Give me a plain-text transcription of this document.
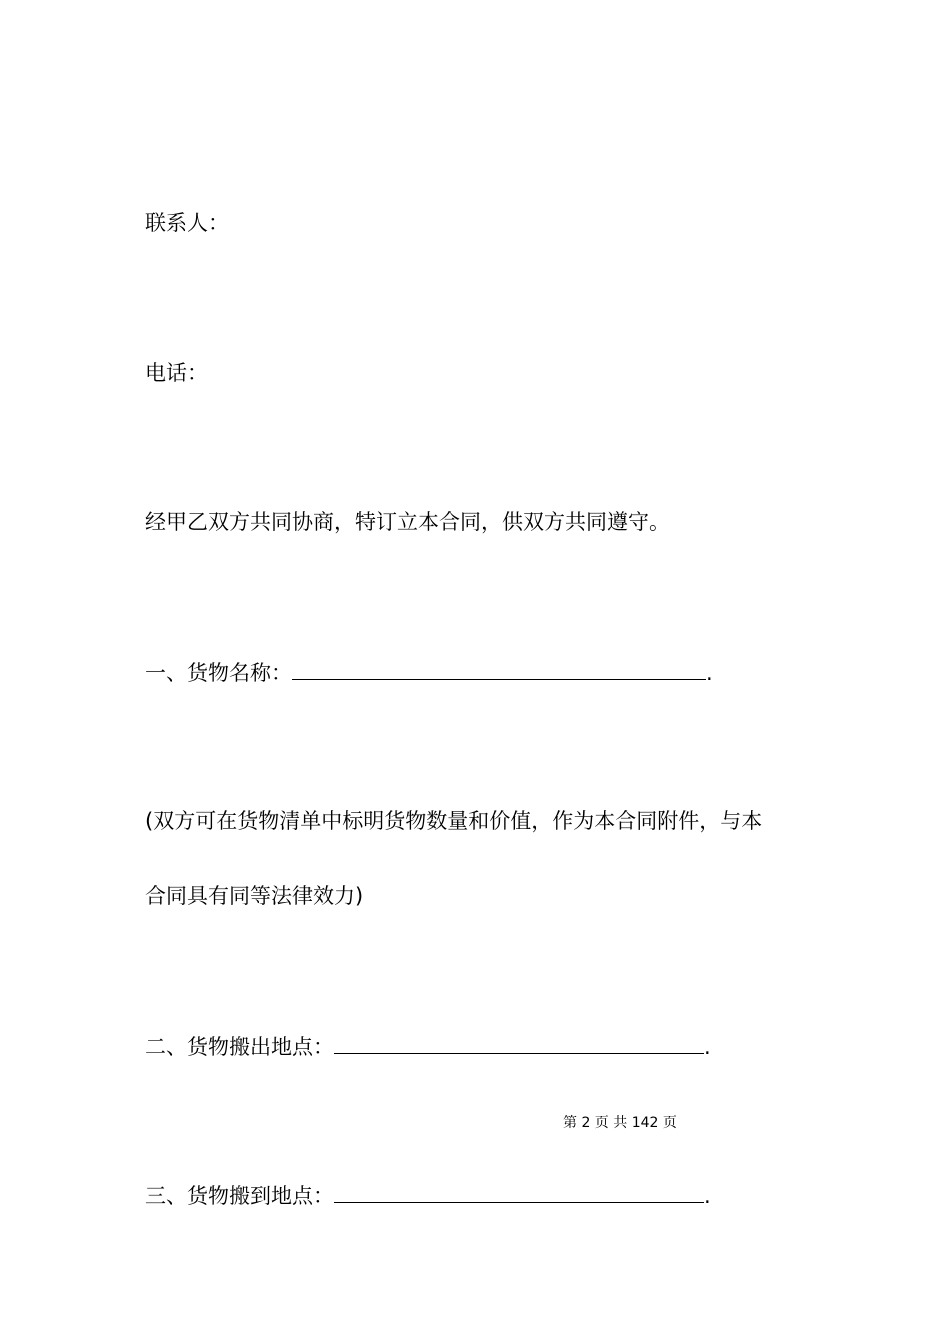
联系人：

电话：

经甲乙双方共同协商，特订立本合同，供双方共同遵守。

一、货物名称：	.

(双方可在货物清单中标明货物数量和价值，作为本合同附件，与本

合同具有同等法律效力)

二、货物搬出地点：	.

第 2 页 共 142 页

三、货物搬到地点：	.
